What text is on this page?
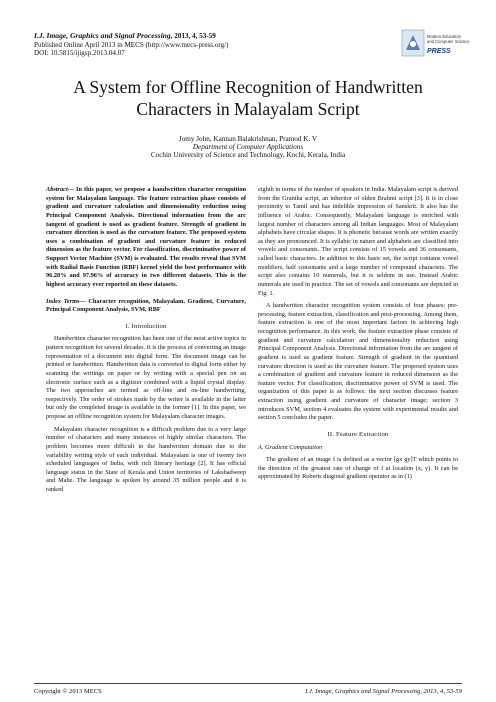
I.J. Image, Graphics and Signal Processing, 2013, 4, 53-59
Published Online April 2013 in MECS (http://www.mecs-press.org/)
DOI: 10.5815/ijigsp.2013.04.07
Modern Education
and Computer Science
PRESS
A System for Offline Recognition of Handwritten
Characters in Malayalam Script
Jomy John, Kannan Balakrishnan, Pramod K. V
Department of Computer Applications
Cochin University of Science and Technology, Kochi, Kerala, India

Abstract— In this paper, we propose a handwritten character recognition system for Malayalam language. The feature extraction phase consists of gradient and curvature calculation and dimensionality reduction using Principal Component Analysis. Directional information from the arc tangent of gradient is used as gradient feature. Strength of gradient in curvature direction is used as the curvature feature. The proposed system uses a combination of gradient and curvature feature in reduced dimension as the feature vector. For classification, discriminative power of Support Vector Machine (SVM) is evaluated. The results reveal that SVM with Radial Basis Function (RBF) kernel yield the best performance with 96.28% and 97.96% of accuracy in two different datasets. This is the highest accuracy ever reported on these datasets.

Index Terms— Character recognition, Malayalam, Gradient, Curvature, Principal Component Analysis, SVM, RBF

I. Introduction

Handwritten character recognition has been one of the most active topics in pattern recognition for several decades. It is the process of converting an image representation of a document into digital form. The document image can be printed or handwritten. Handwritten data is converted to digital form either by scanning the writings on paper or by writing with a special pen on an electronic surface such as a digitizer combined with a liquid crystal display. The two approaches are termed as off-line and on-line handwriting, respectively. The order of strokes made by the writer is available in the latter but only the completed image is available in the former [1]. In this paper, we propose an offline recognition system for Malayalam character images.

Malayalam character recognition is a difficult problem due to a very large number of characters and many instances of highly similar characters. The problem becomes more difficult in the handwritten domain due to the variability writing style of each individual. Malayalam is one of twenty two scheduled languages of India, with rich literary heritage [2]. It has official language status in the State of Kerala and Union territories of Lakshadweep and Mahe. The language is spoken by around 35 million people and it is ranked

eighth in terms of the number of speakers in India. Malayalam script is derived from the Grantha script, an inheritor of olden Brahmi script [3]. It is in close proximity to Tamil and has indelible impression of Sanskrit. It also has the influence of Arabic. Consequently, Malayalam language is enriched with largest number of characters among all Indian languages. Most of Malayalam alphabets have circular shapes. It is phonetic because words are written exactly as they are pronounced. It is syllabic in nature and alphabets are classified into vowels and consonants. The script consists of 15 vowels and 36 consonants, called basic characters. In addition to this basic set, the script contains vowel modifiers, half consonants and a large number of compound characters. The script also contains 10 numerals, but it is seldom in use. Instead Arabic numerals are used in practice. The set of vowels and consonants are depicted in Fig. 1.

A handwritten character recognition system consists of four phases: pre-processing, feature extraction, classification and post-processing. Among them, feature extraction is one of the most important factors in achieving high recognition performance. In this work, the feature extraction phase consists of gradient and curvature calculation and dimensionality reduction using Principal Component Analysis. Directional information from the arc tangent of gradient is used as gradient feature. Strength of gradient in the quantised curvature direction is used as the curvature feature. The proposed system uses a combination of gradient and curvature feature in reduced dimension as the feature vector. For classification, discriminative power of SVM is used. The organization of this paper is as follows: the next section discusses feature extraction using gradient and curvature of character image; section 3 introduces SVM, section 4 evaluates the system with experimental results and section 5 concludes the paper.

II. Feature Extraction

A. Gradient Computation

The gradient of an image f is defined as a vector [gx gy]T which points to the direction of the greatest rate of change of f at location (x, y). It can be approximated by Roberts diagonal gradient operator as in (1)

Copyright © 2013 MECS	I.J. Image, Graphics and Signal Processing, 2013, 4, 53-59
